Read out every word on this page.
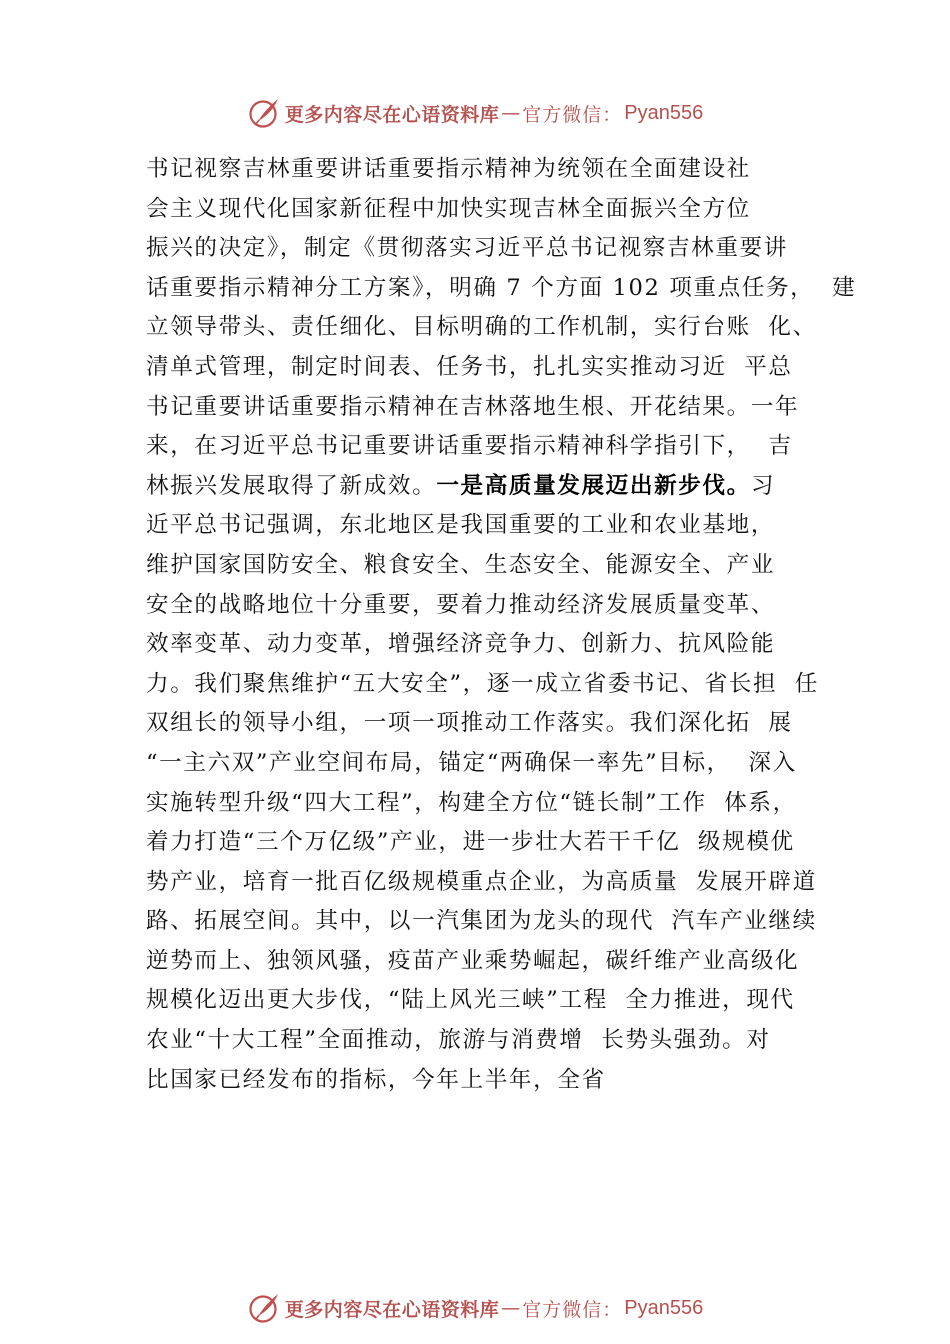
更多内容尽在心语资料库 — 官方微信： Pyan556
书记视察吉林重要讲话重要指示精神为统领在全面建设社
会主义现代化国家新征程中加快实现吉林全面振兴全方位
振兴的决定》，制定《贯彻落实习近平总书记视察吉林重要讲
话重要指示精神分工方案》，明确 7 个方面 102 项重点任务，  建
立领导带头、责任细化、目标明确的工作机制，实行台账  化、
清单式管理，制定时间表、任务书，扎扎实实推动习近  平总
书记重要讲话重要指示精神在吉林落地生根、开花结果。一年
来，在习近平总书记重要讲话重要指示精神科学指引下，  吉
林振兴发展取得了新成效。一是高质量发展迈出新步伐。习
近平总书记强调，东北地区是我国重要的工业和农业基地，
维护国家国防安全、粮食安全、生态安全、能源安全、产业
安全的战略地位十分重要，要着力推动经济发展质量变革、
效率变革、动力变革，增强经济竞争力、创新力、抗风险能
力。我们聚焦维护“五大安全”，逐一成立省委书记、省长担  任
双组长的领导小组，一项一项推动工作落实。我们深化拓  展
“一主六双”产业空间布局，锚定“两确保一率先”目标，  深入
实施转型升级“四大工程”，构建全方位“链长制”工作  体系，
着力打造“三个万亿级”产业，进一步壮大若干千亿  级规模优
势产业，培育一批百亿级规模重点企业，为高质量  发展开辟道
路、拓展空间。其中，以一汽集团为龙头的现代  汽车产业继续
逆势而上、独领风骚，疫苗产业乘势崛起，碳纤维产业高级化
规模化迈出更大步伐，“陆上风光三峡”工程  全力推进，现代
农业“十大工程”全面推动，旅游与消费增  长势头强劲。对
比国家已经发布的指标，今年上半年，全省
更多内容尽在心语资料库 — 官方微信： Pyan556
